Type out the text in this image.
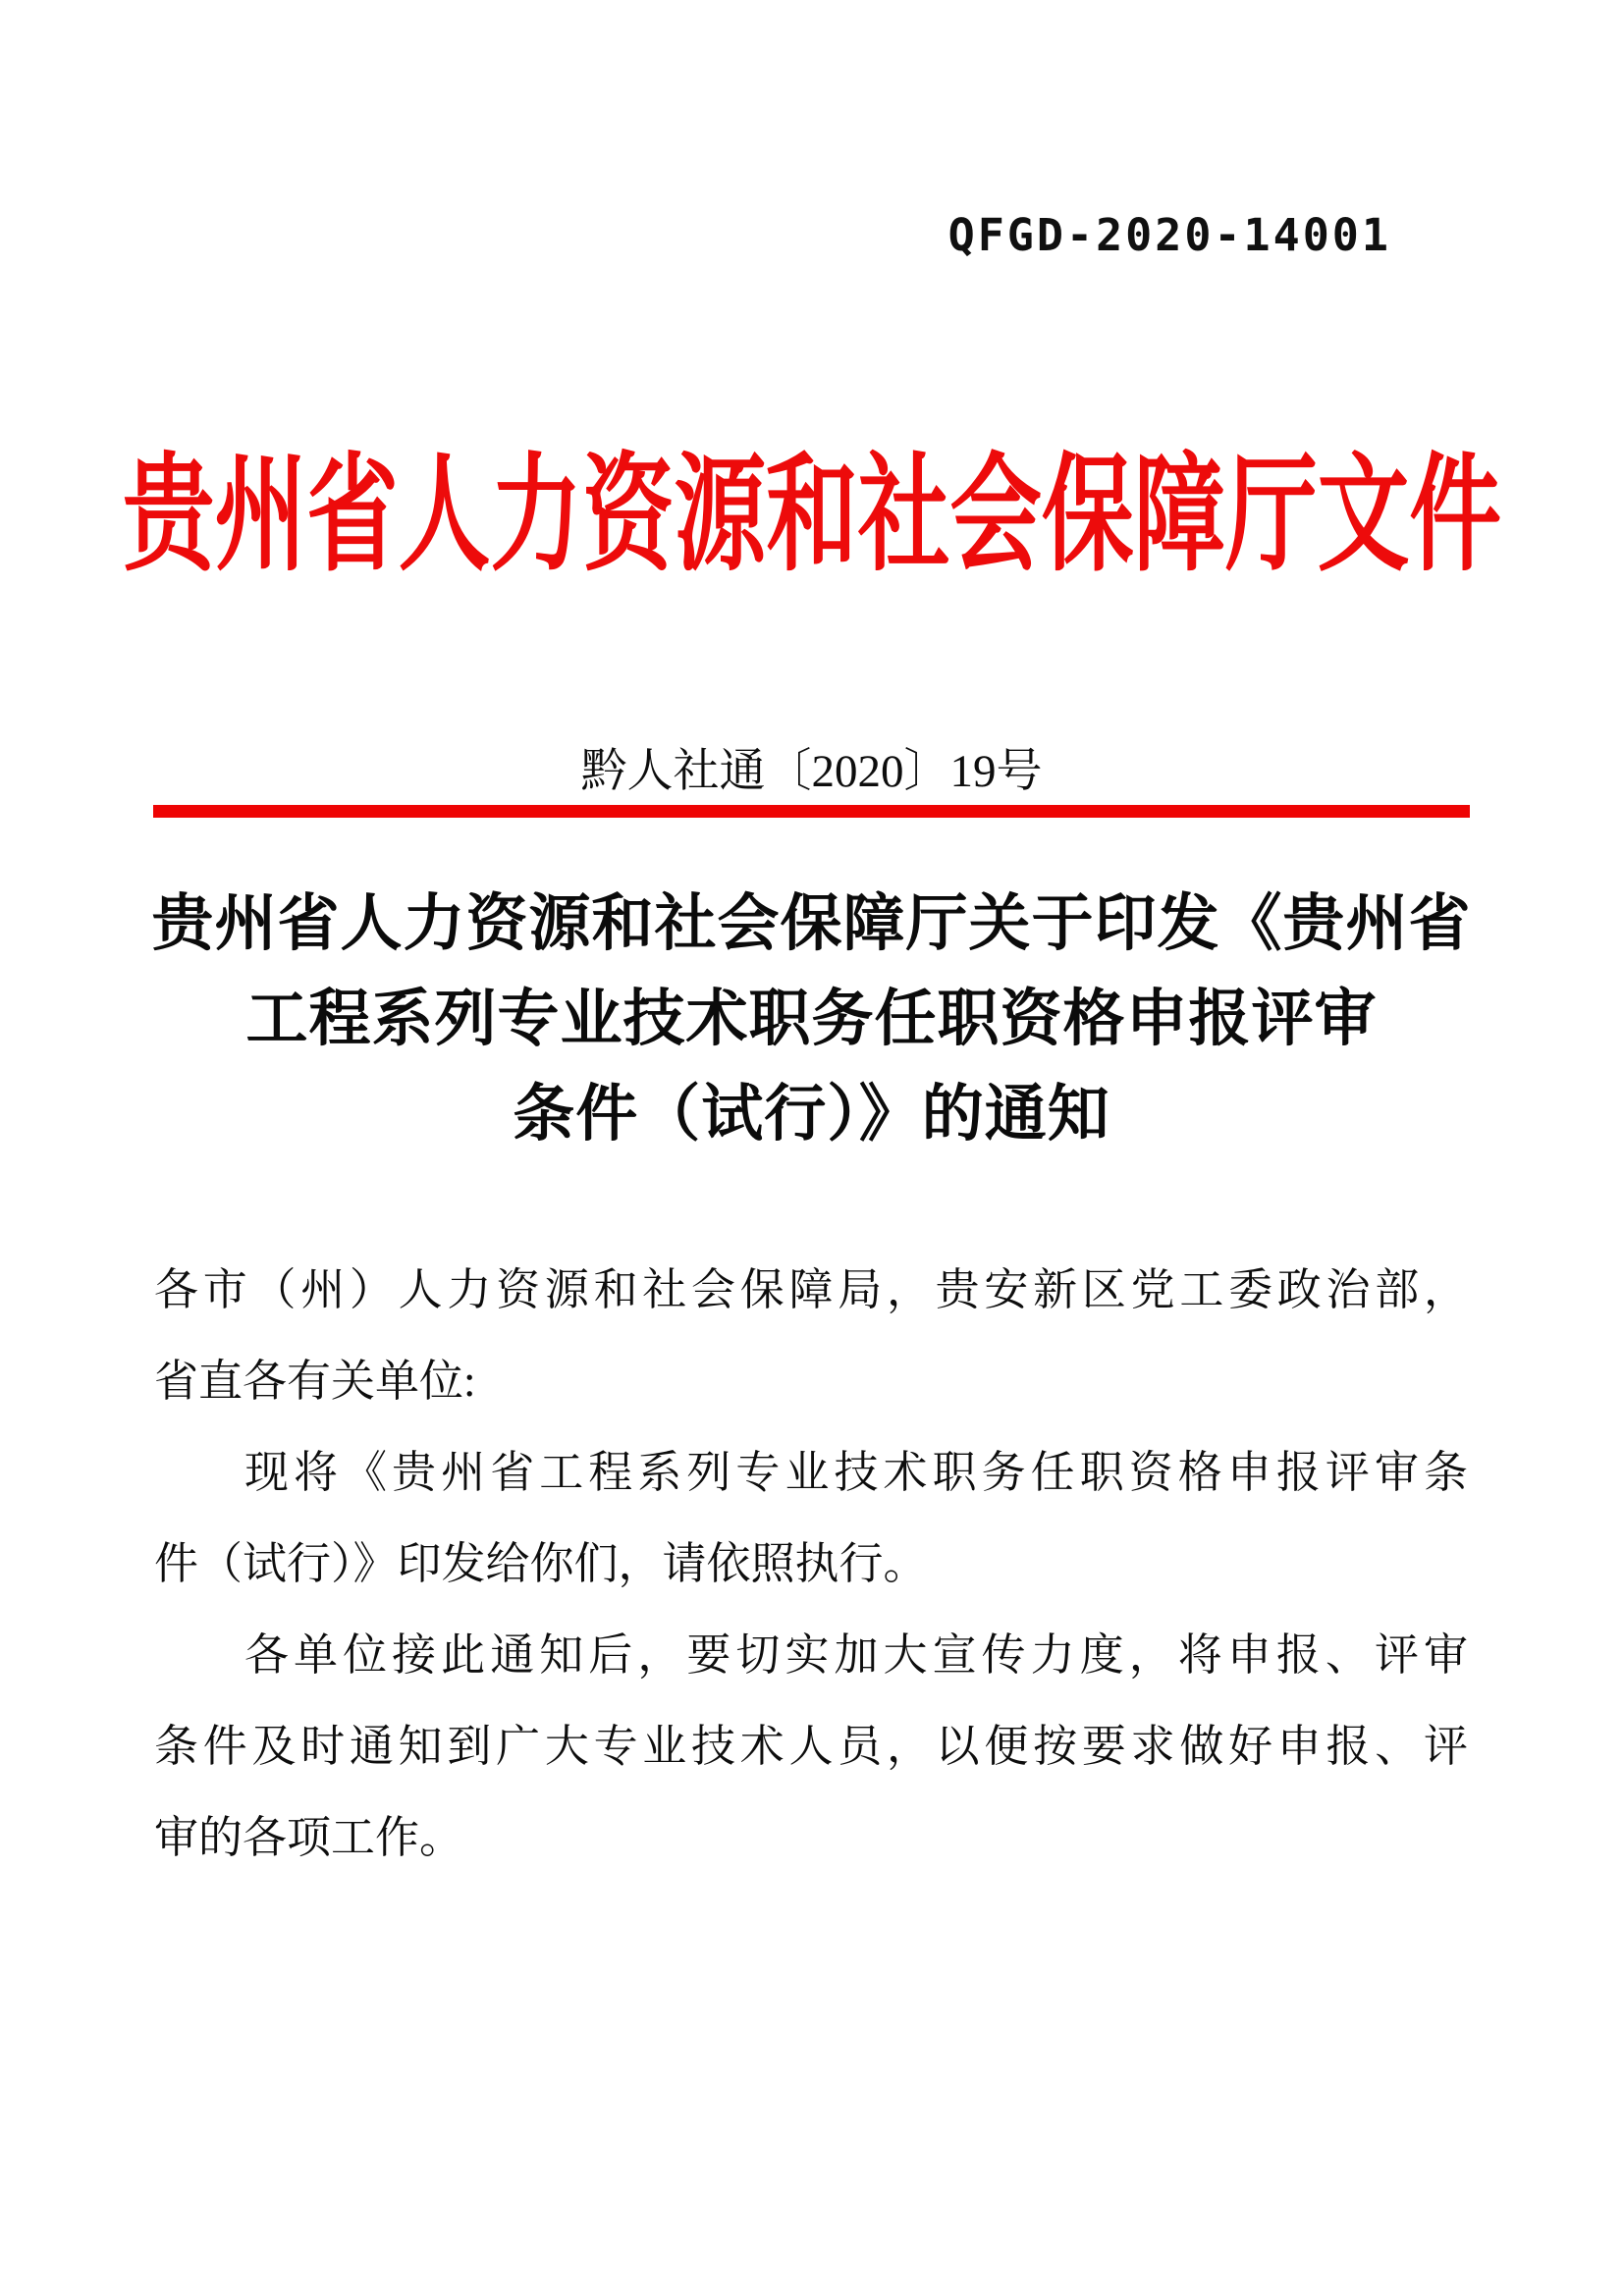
QFGD-2020-14001
贵州省人力资源和社会保障厅文件
黔人社通〔2020〕19号
贵州省人力资源和社会保障厅关于印发《贵州省
工程系列专业技术职务任职资格申报评审
条件（试行）》的通知
各市（州）人力资源和社会保障局，贵安新区党工委政治部，
省直各有关单位:
现将《贵州省工程系列专业技术职务任职资格申报评审条
件（试行）》印发给你们，请依照执行。
各单位接此通知后，要切实加大宣传力度，将申报、评审
条件及时通知到广大专业技术人员，以便按要求做好申报、评
审的各项工作。
